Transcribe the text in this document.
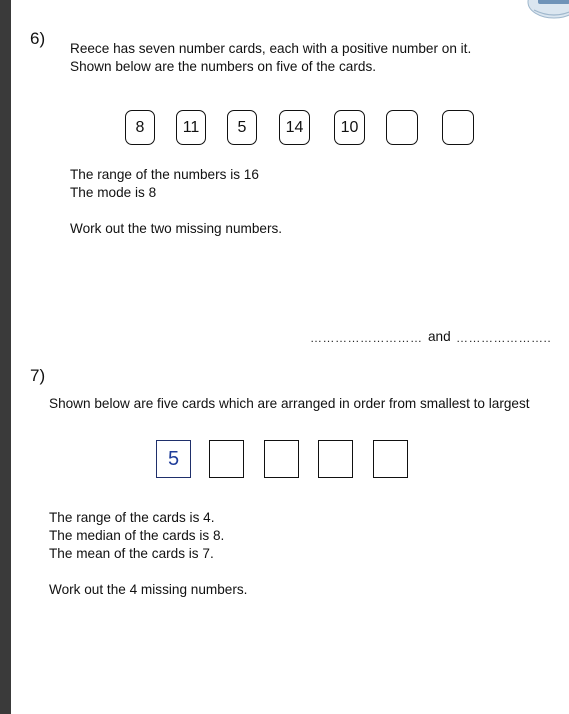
6)
Reece has seven number cards, each with a positive number on it.
Shown below are the numbers on five of the cards.
8	11	5	14	10
The range of the numbers is 16
The mode is 8
Work out the two missing numbers.
……………………… and …………………..
7)
Shown below are five cards which are arranged in order from smallest to largest
5
The range of the cards is 4.
The median of the cards is 8.
The mean of the cards is 7.
Work out the 4 missing numbers.
